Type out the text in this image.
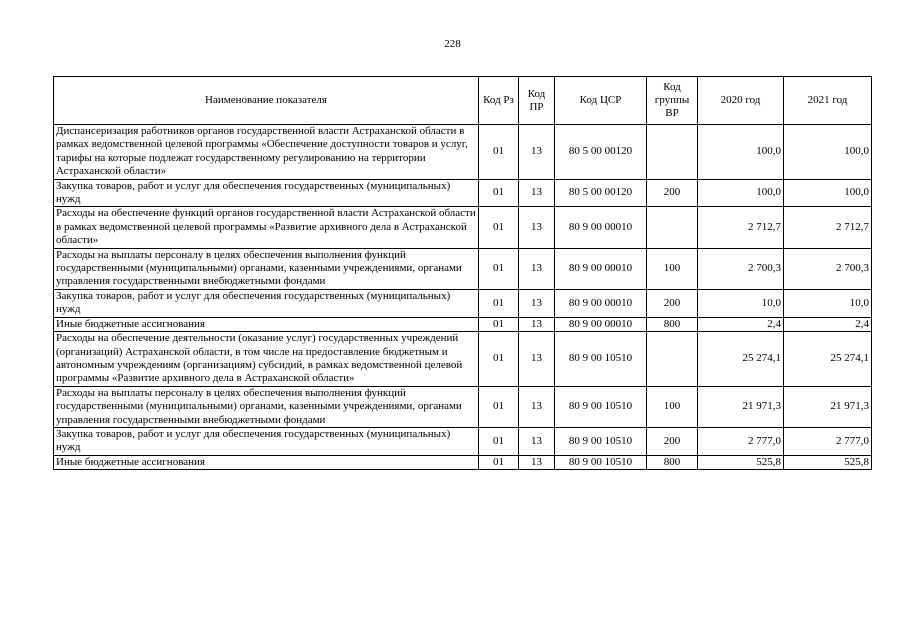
228
Наименование показателя	Код Рз	Код ПР	Код ЦСР	Код группы ВР	2020 год	2021 год
Диспансеризация работников органов государственной власти Астраханской области в рамках ведомственной целевой программы «Обеспечение доступности товаров и услуг, тарифы на которые подлежат государственному регулированию на территории Астраханской области»	01	13	80 5 00 00120		100,0	100,0
Закупка товаров, работ и услуг для обеспечения государственных (муниципальных) нужд	01	13	80 5 00 00120	200	100,0	100,0
Расходы на обеспечение функций органов государственной власти Астраханской области в рамках ведомственной целевой программы «Развитие архивного дела в Астраханской области»	01	13	80 9 00 00010		2 712,7	2 712,7
Расходы на выплаты персоналу в целях обеспечения выполнения функций государственными (муниципальными) органами, казенными учреждениями, органами управления государственными внебюджетными фондами	01	13	80 9 00 00010	100	2 700,3	2 700,3
Закупка товаров, работ и услуг для обеспечения государственных (муниципальных) нужд	01	13	80 9 00 00010	200	10,0	10,0
Иные бюджетные ассигнования	01	13	80 9 00 00010	800	2,4	2,4
Расходы на обеспечение деятельности (оказание услуг) государственных учреждений (организаций) Астраханской области, в том числе на предоставление бюджетным и автономным учреждениям (организациям) субсидий, в рамках ведомственной целевой программы «Развитие архивного дела в Астраханской области»	01	13	80 9 00 10510		25 274,1	25 274,1
Расходы на выплаты персоналу в целях обеспечения выполнения функций государственными (муниципальными) органами, казенными учреждениями, органами управления государственными внебюджетными фондами	01	13	80 9 00 10510	100	21 971,3	21 971,3
Закупка товаров, работ и услуг для обеспечения государственных (муниципальных) нужд	01	13	80 9 00 10510	200	2 777,0	2 777,0
Иные бюджетные ассигнования	01	13	80 9 00 10510	800	525,8	525,8
